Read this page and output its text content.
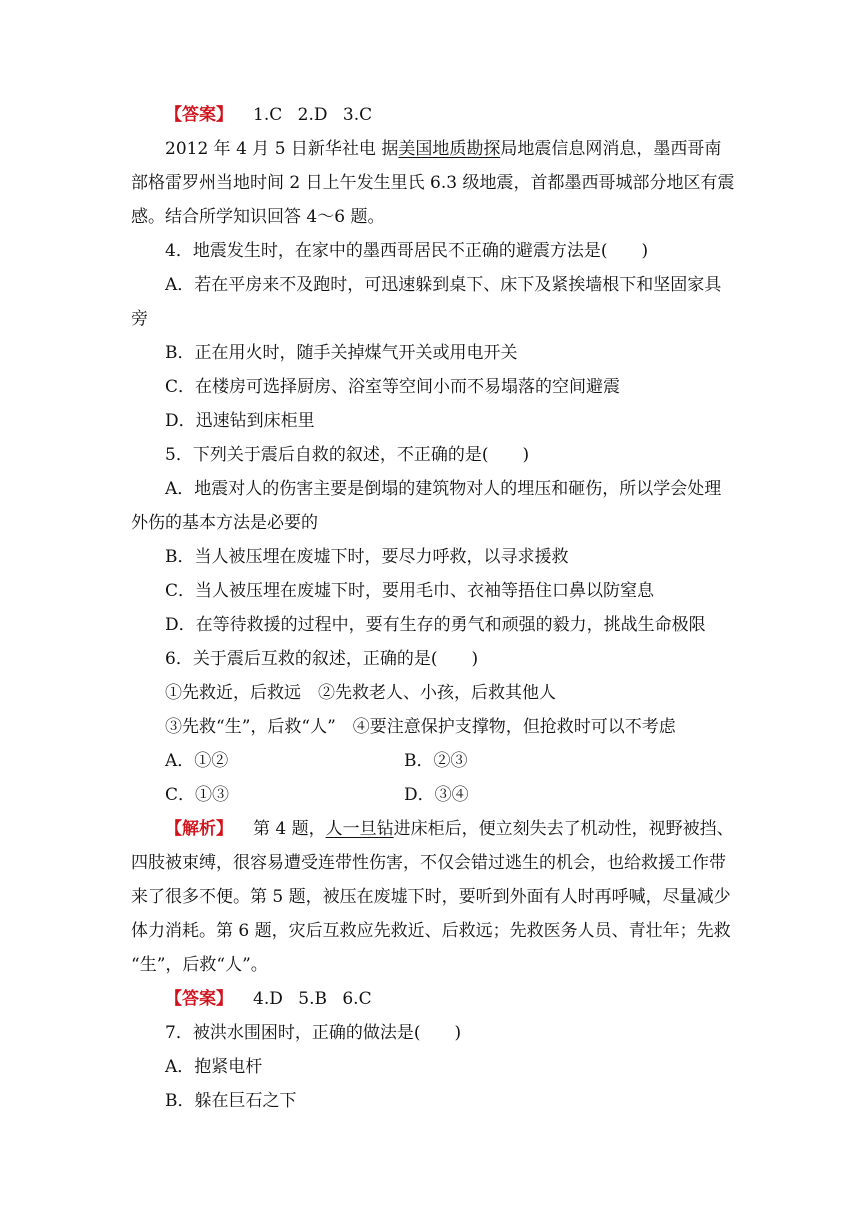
【答案】 1.C 2.D 3.C
2012 年 4 月 5 日新华社电 据美国地质勘探局地震信息网消息，墨西哥南
部格雷罗州当地时间 2 日上午发生里氏 6.3 级地震，首都墨西哥城部分地区有震
感。结合所学知识回答 4～6 题。
4．地震发生时，在家中的墨西哥居民不正确的避震方法是(　　)
A．若在平房来不及跑时，可迅速躲到桌下、床下及紧挨墙根下和坚固家具
旁
B．正在用火时，随手关掉煤气开关或用电开关
C．在楼房可选择厨房、浴室等空间小而不易塌落的空间避震
D．迅速钻到床柜里
5．下列关于震后自救的叙述，不正确的是(　　)
A．地震对人的伤害主要是倒塌的建筑物对人的埋压和砸伤，所以学会处理
外伤的基本方法是必要的
B．当人被压埋在废墟下时，要尽力呼救，以寻求援救
C．当人被压埋在废墟下时，要用毛巾、衣袖等捂住口鼻以防窒息
D．在等待救援的过程中，要有生存的勇气和顽强的毅力，挑战生命极限
6．关于震后互救的叙述，正确的是(　　)
①先救近，后救远　②先救老人、小孩，后救其他人
③先救“生”，后救“人”　④要注意保护支撑物，但抢救时可以不考虑
A．①②	B．②③
C．①③	D．③④
【解析】 第 4 题，人一旦钻进床柜后，便立刻失去了机动性，视野被挡、
四肢被束缚，很容易遭受连带性伤害，不仅会错过逃生的机会，也给救援工作带
来了很多不便。第 5 题，被压在废墟下时，要听到外面有人时再呼喊，尽量减少
体力消耗。第 6 题，灾后互救应先救近、后救远；先救医务人员、青壮年；先救
“生”，后救“人”。
【答案】 4.D 5.B 6.C
7．被洪水围困时，正确的做法是(　　)
A．抱紧电杆
B．躲在巨石之下
